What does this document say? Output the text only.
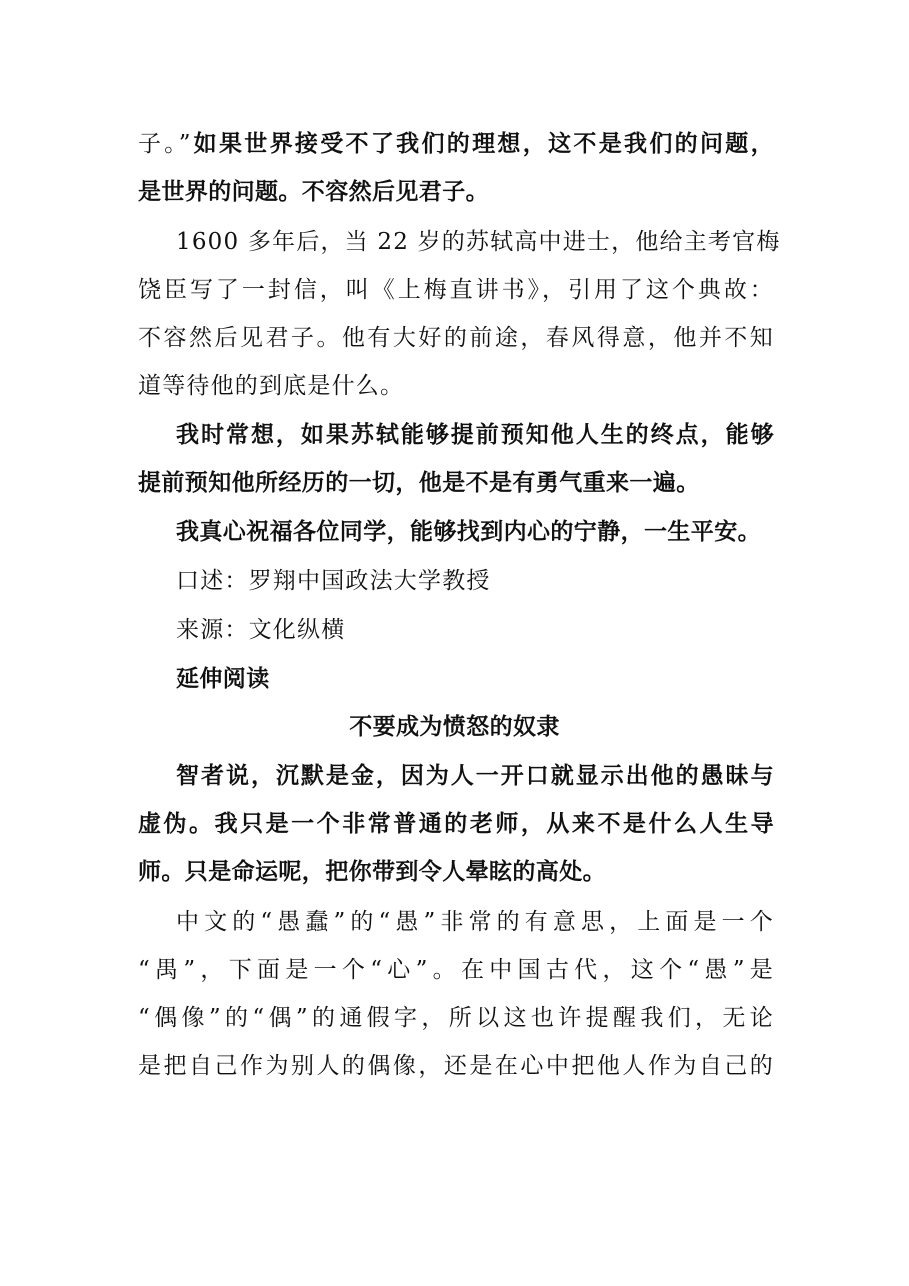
子。”如果世界接受不了我们的理想，这不是我们的问题，
是世界的问题。不容然后见君子。
1600 多年后，当 22 岁的苏轼高中进士，他给主考官梅
饶臣写了一封信，叫《上梅直讲书》，引用了这个典故：
不容然后见君子。他有大好的前途，春风得意，他并不知
道等待他的到底是什么。
我时常想，如果苏轼能够提前预知他人生的终点，能够
提前预知他所经历的一切，他是不是有勇气重来一遍。
我真心祝福各位同学，能够找到内心的宁静，一生平安。
口述：罗翔中国政法大学教授
来源：文化纵横
延伸阅读
不要成为愤怒的奴隶
智者说，沉默是金，因为人一开口就显示出他的愚昧与
虚伪。我只是一个非常普通的老师，从来不是什么人生导
师。只是命运呢，把你带到令人晕眩的高处。
中文的“愚蠢”的“愚”非常的有意思，上面是一个
“禺”，下面是一个“心”。在中国古代，这个“愚”是
“偶像”的“偶”的通假字，所以这也许提醒我们，无论
是把自己作为别人的偶像，还是在心中把他人作为自己的
